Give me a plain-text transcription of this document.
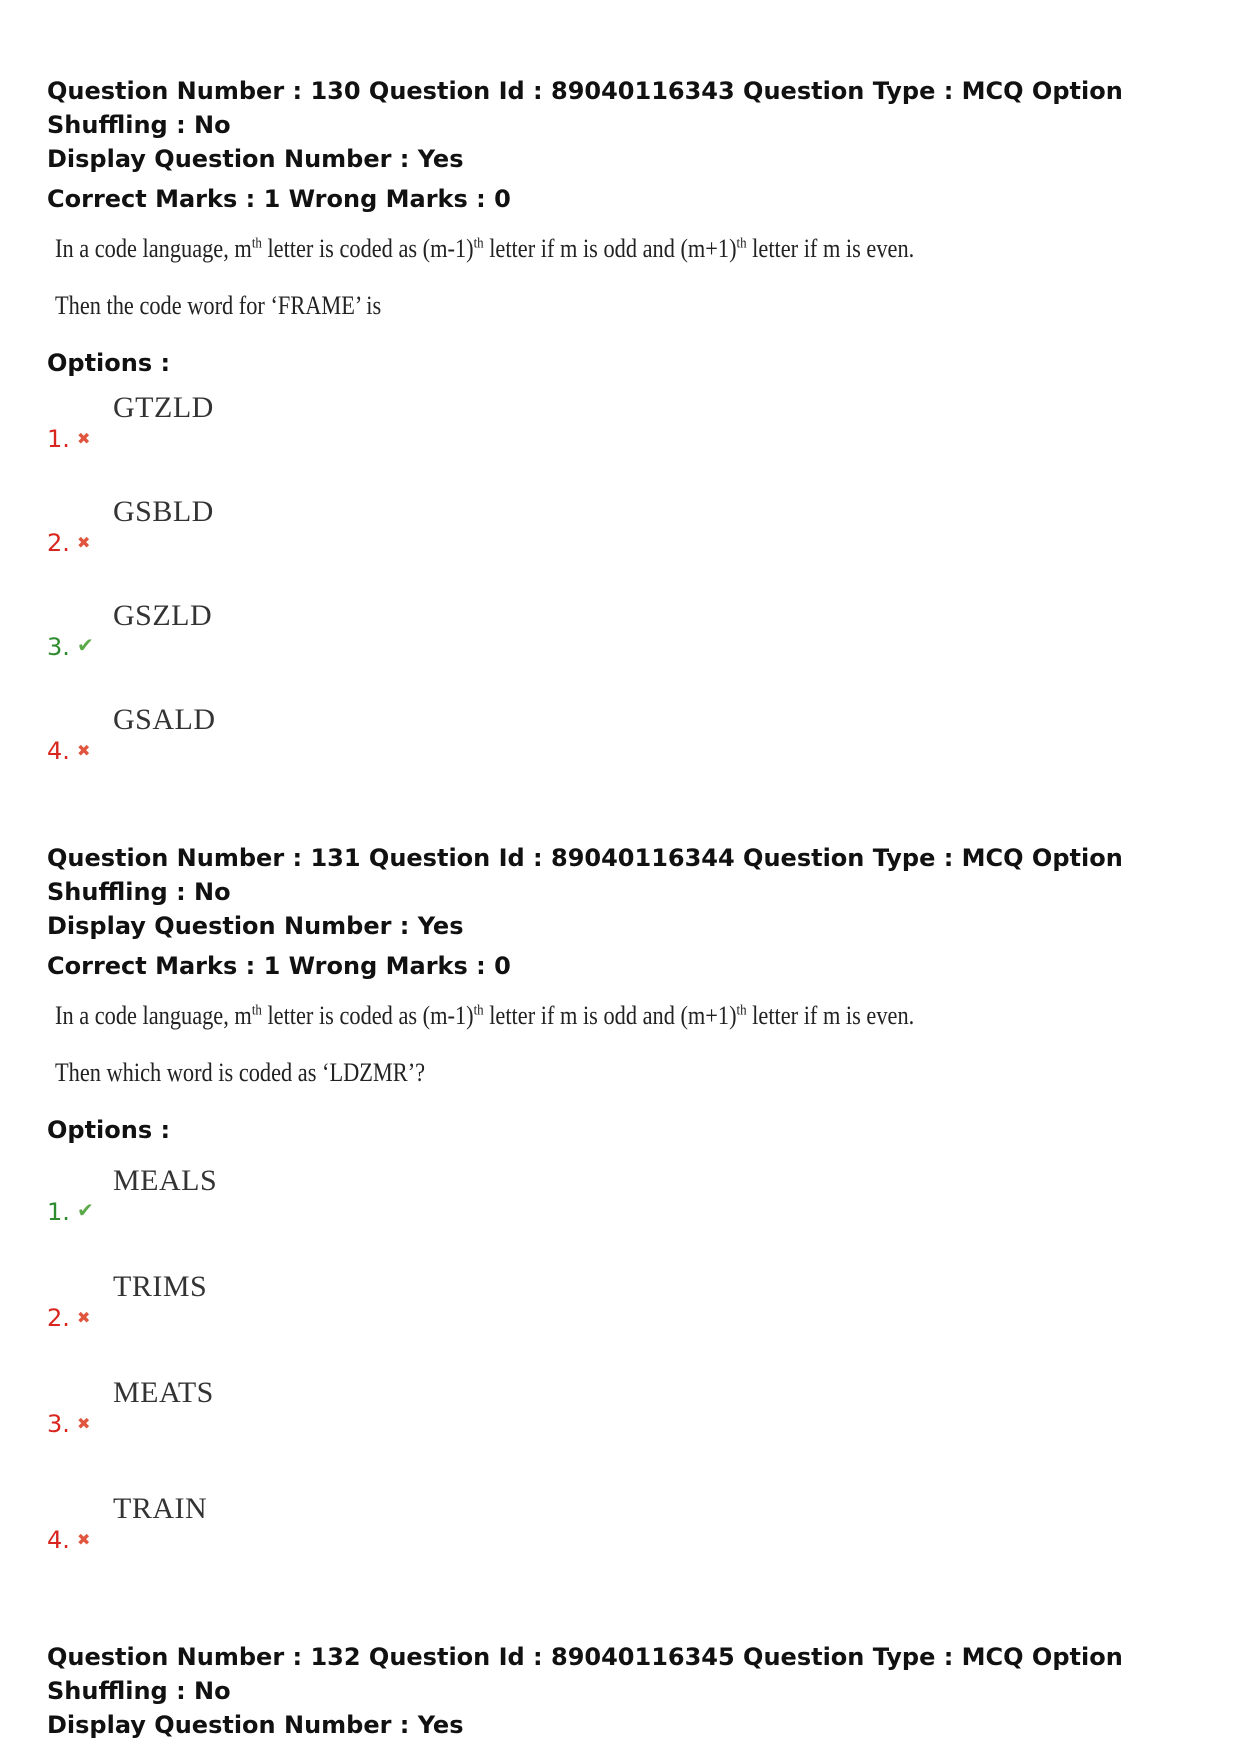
Question Number : 130 Question Id : 89040116343 Question Type : MCQ Option Shuffling : No
Display Question Number : Yes
Correct Marks : 1 Wrong Marks : 0
In a code language, $m^{th}$ letter is coded as $(m-1)^{th}$ letter if m is odd and $(m+1)^{th}$ letter if m is even.
Then the code word for ‘FRAME’ is
Options :
1. ✖
GTZLD
2. ✖
GSBLD
3. ✔
GSZLD
4. ✖
GSALD
Question Number : 131 Question Id : 89040116344 Question Type : MCQ Option Shuffling : No
Display Question Number : Yes
Correct Marks : 1 Wrong Marks : 0
In a code language, $m^{th}$ letter is coded as $(m-1)^{th}$ letter if m is odd and $(m+1)^{th}$ letter if m is even.
Then which word is coded as ‘LDZMR’?
Options :
1. ✔
MEALS
2. ✖
TRIMS
3. ✖
MEATS
4. ✖
TRAIN
Question Number : 132 Question Id : 89040116345 Question Type : MCQ Option Shuffling : No
Display Question Number : Yes
